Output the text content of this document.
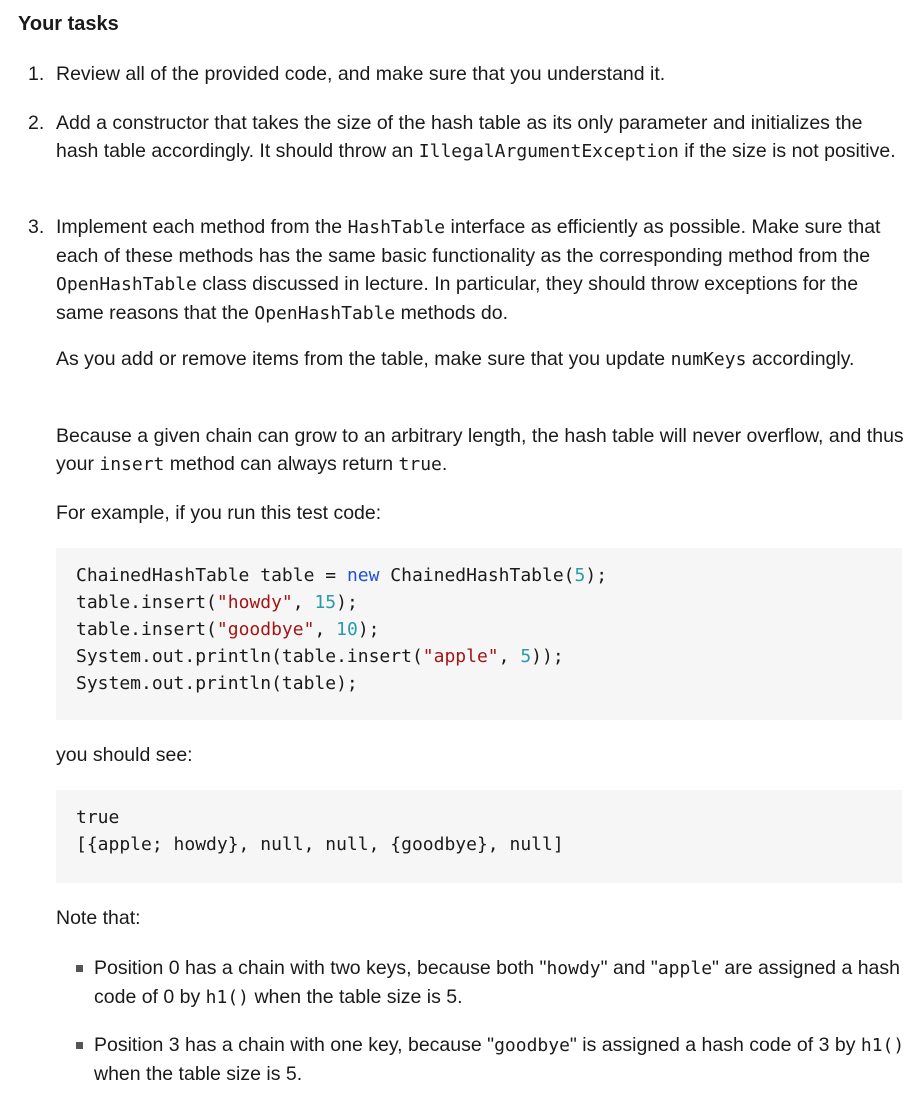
Your tasks
1. Review all of the provided code, and make sure that you understand it.
2. Add a constructor that takes the size of the hash table as its only parameter and initializes the hash table accordingly. It should throw an IllegalArgumentException if the size is not positive.
3. Implement each method from the HashTable interface as efficiently as possible. Make sure that each of these methods has the same basic functionality as the corresponding method from the OpenHashTable class discussed in lecture. In particular, they should throw exceptions for the same reasons that the OpenHashTable methods do.
As you add or remove items from the table, make sure that you update numKeys accordingly.
Because a given chain can grow to an arbitrary length, the hash table will never overflow, and thus your insert method can always return true.
For example, if you run this test code:
ChainedHashTable table = new ChainedHashTable(5);
table.insert("howdy", 15);
table.insert("goodbye", 10);
System.out.println(table.insert("apple", 5));
System.out.println(table);
you should see:
true
[{apple; howdy}, null, null, {goodbye}, null]
Note that:
Position 0 has a chain with two keys, because both "howdy" and "apple" are assigned a hash code of 0 by h1() when the table size is 5.
Position 3 has a chain with one key, because "goodbye" is assigned a hash code of 3 by h1() when the table size is 5.
